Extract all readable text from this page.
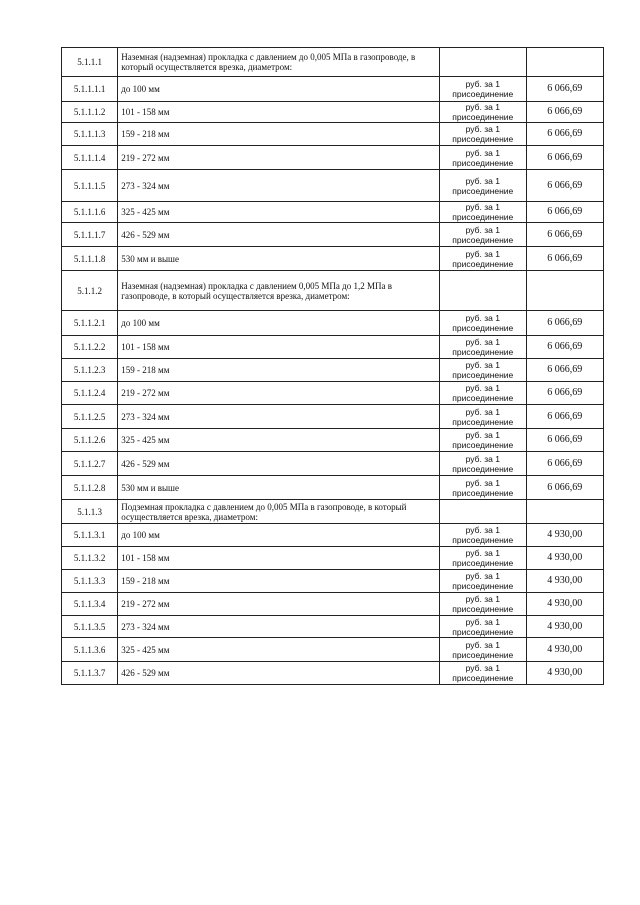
5.1.1.1	Наземная (надземная) прокладка с давлением до 0,005 МПа в газопроводе, в который осуществляется врезка, диаметром:		
5.1.1.1.1	до 100 мм	руб. за 1 присоединение	6 066,69
5.1.1.1.2	101 - 158 мм	руб. за 1 присоединение	6 066,69
5.1.1.1.3	159 - 218 мм	руб. за 1 присоединение	6 066,69
5.1.1.1.4	219 - 272 мм	руб. за 1 присоединение	6 066,69
5.1.1.1.5	273 - 324 мм	руб. за 1 присоединение	6 066,69
5.1.1.1.6	325 - 425 мм	руб. за 1 присоединение	6 066,69
5.1.1.1.7	426 - 529 мм	руб. за 1 присоединение	6 066,69
5.1.1.1.8	530 мм и выше	руб. за 1 присоединение	6 066,69
5.1.1.2	Наземная (надземная) прокладка с давлением 0,005 МПа до 1,2 МПа в газопроводе, в который осуществляется врезка, диаметром:		
5.1.1.2.1	до 100 мм	руб. за 1 присоединение	6 066,69
5.1.1.2.2	101 - 158 мм	руб. за 1 присоединение	6 066,69
5.1.1.2.3	159 - 218 мм	руб. за 1 присоединение	6 066,69
5.1.1.2.4	219 - 272 мм	руб. за 1 присоединение	6 066,69
5.1.1.2.5	273 - 324 мм	руб. за 1 присоединение	6 066,69
5.1.1.2.6	325 - 425 мм	руб. за 1 присоединение	6 066,69
5.1.1.2.7	426 - 529 мм	руб. за 1 присоединение	6 066,69
5.1.1.2.8	530 мм и выше	руб. за 1 присоединение	6 066,69
5.1.1.3	Подземная прокладка с давлением до 0,005 МПа в газопроводе, в который осуществляется врезка, диаметром:		
5.1.1.3.1	до 100 мм	руб. за 1 присоединение	4 930,00
5.1.1.3.2	101 - 158 мм	руб. за 1 присоединение	4 930,00
5.1.1.3.3	159 - 218 мм	руб. за 1 присоединение	4 930,00
5.1.1.3.4	219 - 272 мм	руб. за 1 присоединение	4 930,00
5.1.1.3.5	273 - 324 мм	руб. за 1 присоединение	4 930,00
5.1.1.3.6	325 - 425 мм	руб. за 1 присоединение	4 930,00
5.1.1.3.7	426 - 529 мм	руб. за 1 присоединение	4 930,00
